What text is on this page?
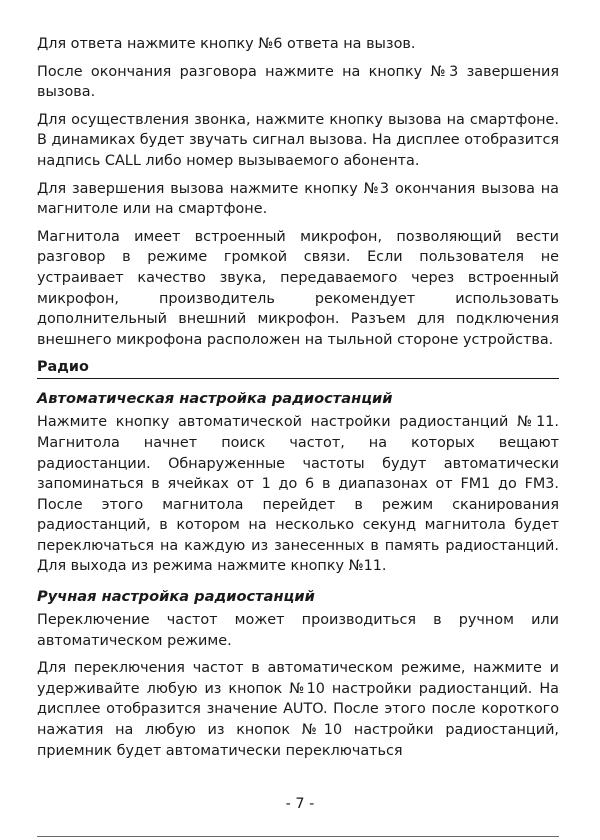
Для ответа нажмите кнопку №6 ответа на вызов.

После окончания разговора нажмите на кнопку №3 завершения вызова.

Для осуществления звонка, нажмите кнопку вызова на смартфоне. В динамиках будет звучать сигнал вызова. На дисплее отобразится надпись CALL либо номер вызываемого абонента.

Для завершения вызова нажмите кнопку №3 окончания вызова на магнитоле или на смартфоне.

Магнитола имеет встроенный микрофон, позволяющий вести разговор в режиме громкой связи. Если пользователя не устраивает качество звука, передаваемого через встроенный микрофон, производитель рекомендует использовать дополнительный внешний микрофон. Разъем для подключения внешнего микрофона расположен на тыльной стороне устройства.

Радио
Автоматическая настройка радиостанций

Нажмите кнопку автоматической настройки радиостанций №11. Магнитола начнет поиск частот, на которых вещают радиостанции. Обнаруженные частоты будут автоматически запоминаться в ячейках от 1 до 6 в диапазонах от FM1 до FM3. После этого магнитола перейдет в режим сканирования радиостанций, в котором на несколько секунд магнитола будет переключаться на каждую из занесенных в память радиостанций. Для выхода из режима нажмите кнопку №11.

Ручная настройка радиостанций

Переключение частот может производиться в ручном или автоматическом режиме.

Для переключения частот в автоматическом режиме, нажмите и удерживайте любую из кнопок №10 настройки радиостанций. На дисплее отобразится значение AUTO. После этого после короткого нажатия на любую из кнопок №10 настройки радиостанций, приемник будет автоматически переключаться

- 7 -
